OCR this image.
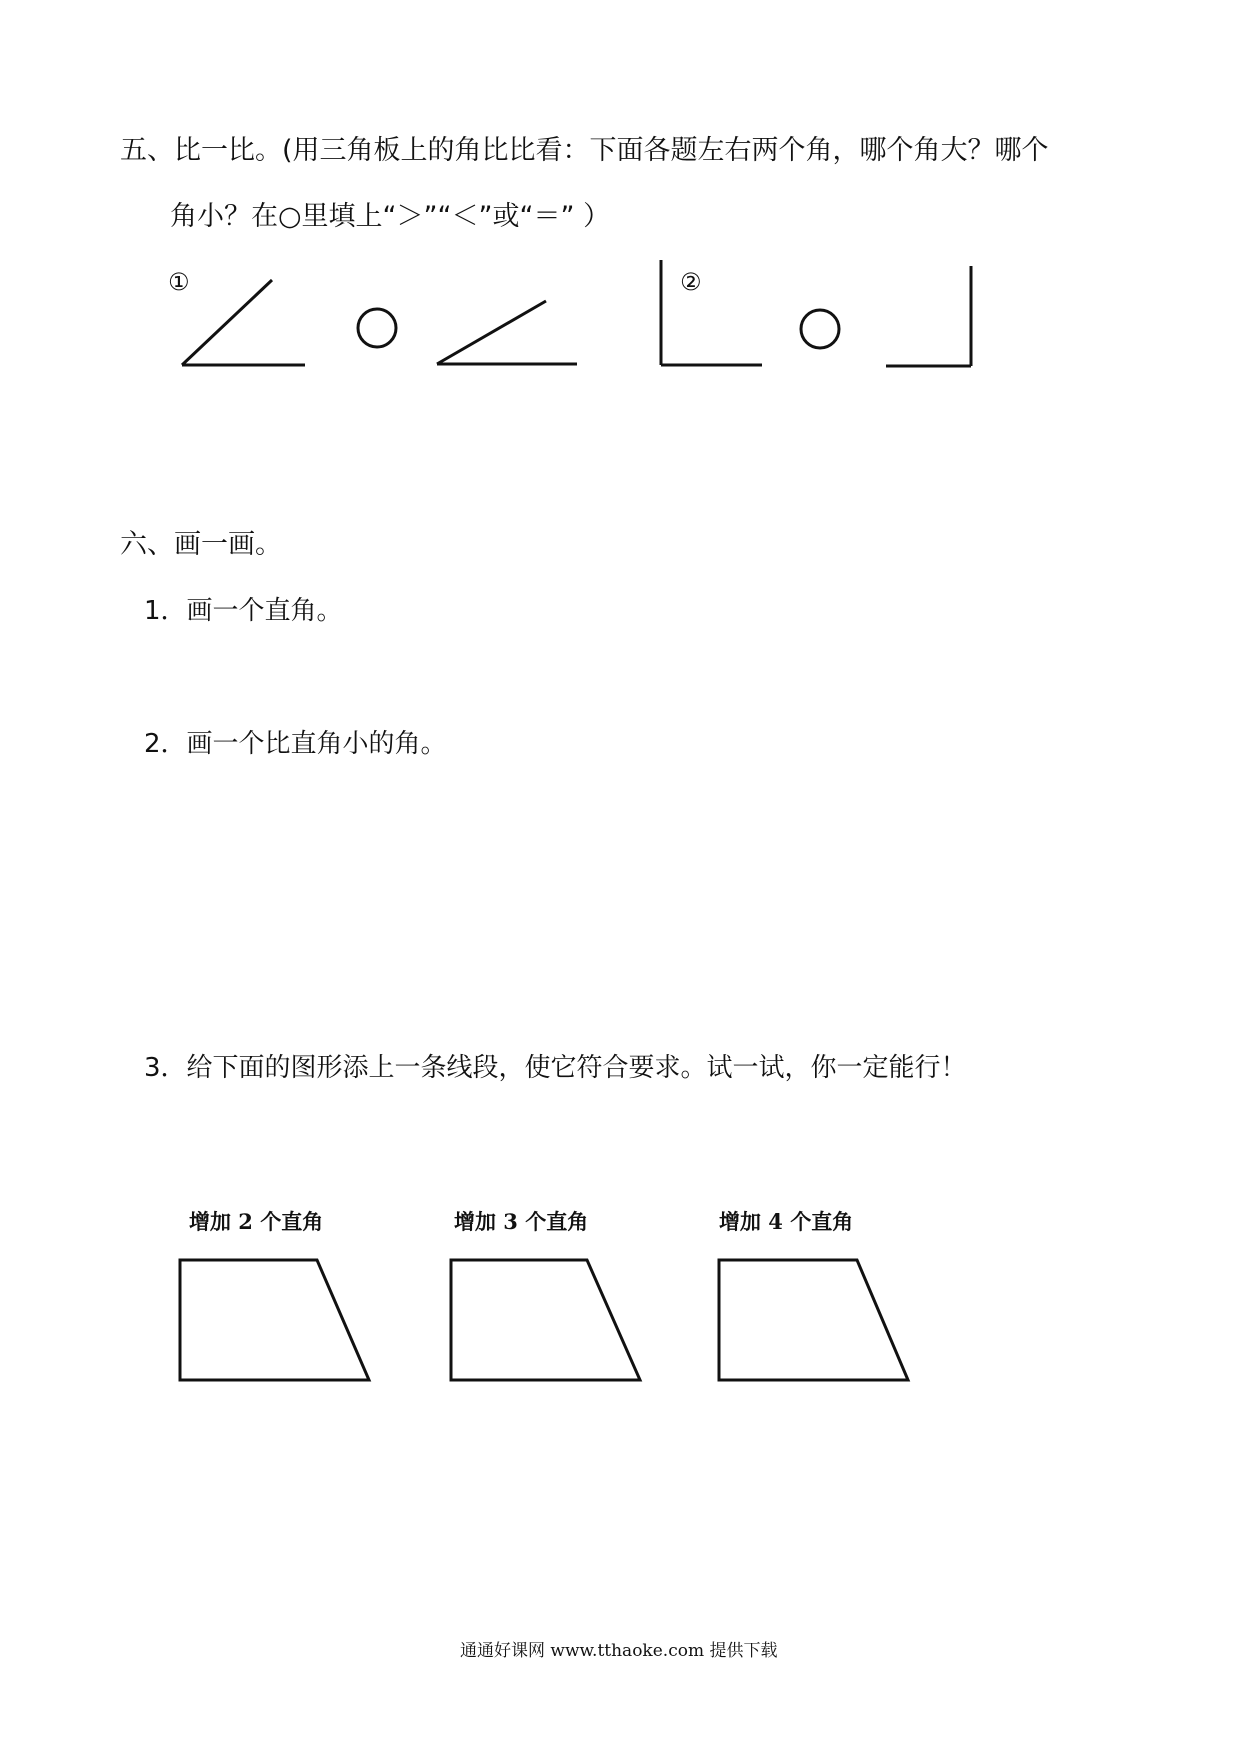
五、比一比。(用三角板上的角比比看：下面各题左右两个角，哪个角大？哪个
角小？在○里填上“＞”“＜”或“＝” ）
①	②
六、画一画。
1．画一个直角。
2．画一个比直角小的角。
3．给下面的图形添上一条线段，使它符合要求。试一试，你一定能行！
增加 2 个直角	增加 3 个直角	增加 4 个直角
通通好课网 www.tthaoke.com 提供下载
